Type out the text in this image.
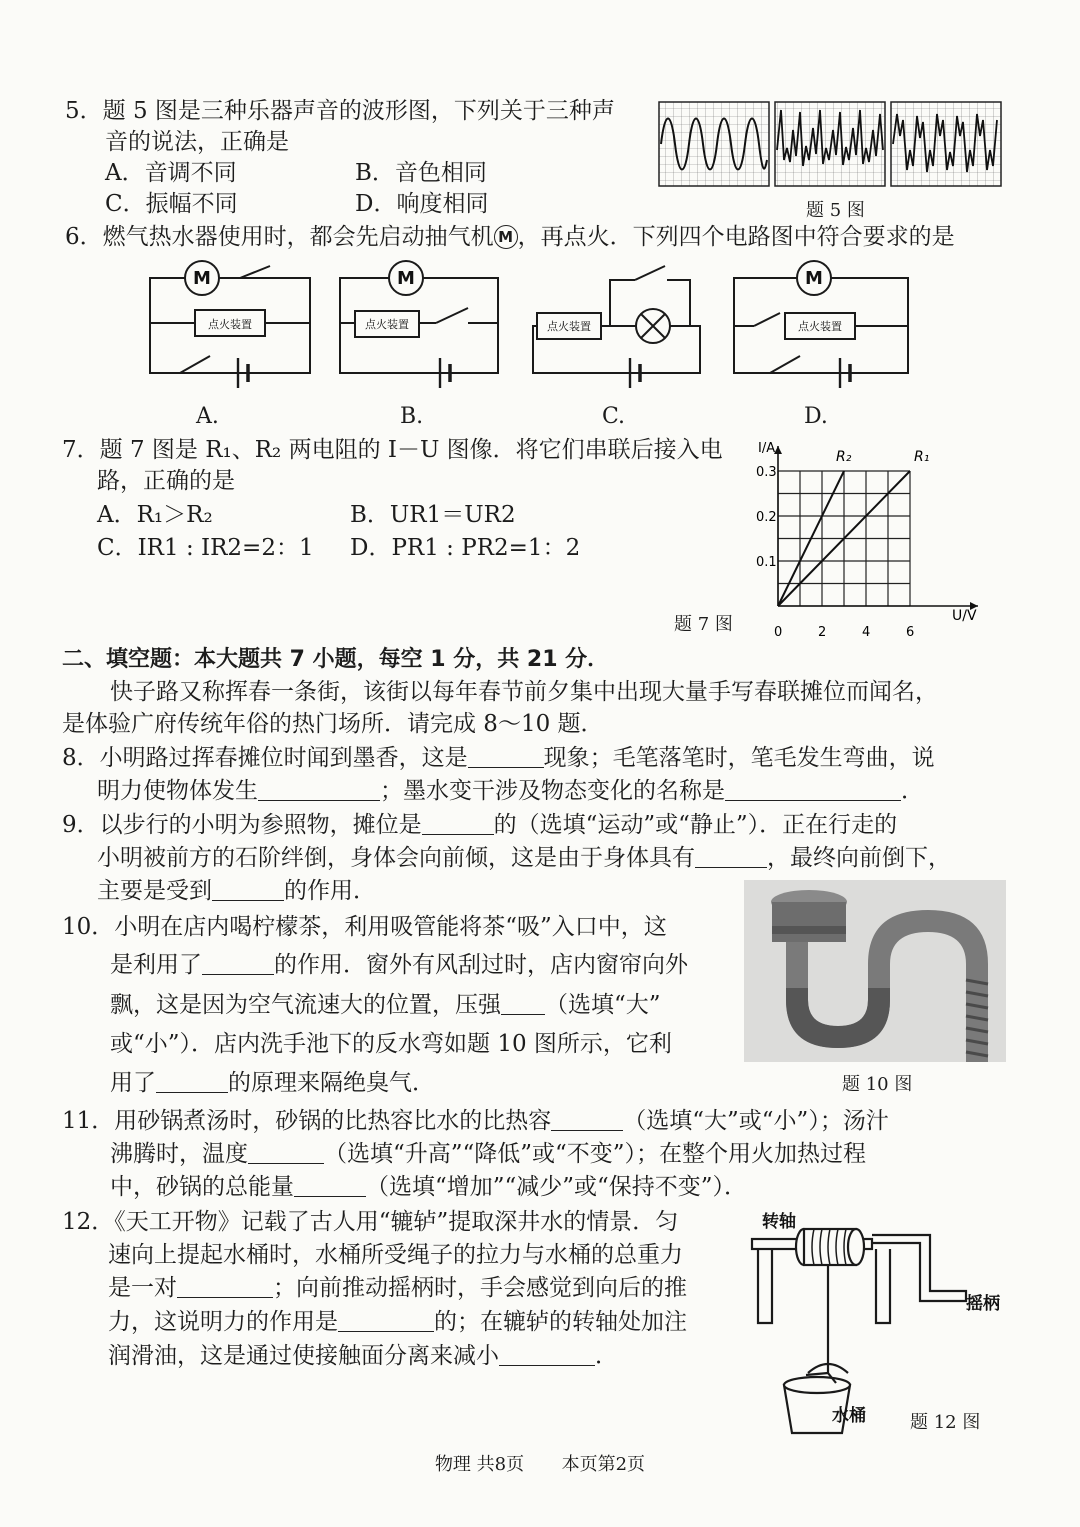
5．题 5 图是三种乐器声音的波形图，下列关于三种声
音的说法，正确是
A．音调不同	B．音色相同
C．振幅不同	D．响度相同	题 5 图
6．燃气热水器使用时，都会先启动抽气机 M ，再点火．下列四个电路图中符合要求的是
M	M	M
点火装置	点火装置	点火装置	点火装置
A.	B.	C.	D.
7．题 7 图是 R₁、R₂ 两电阻的 I－U 图像．将它们串联后接入电
路，正确的是
A．R₁＞R₂	B．UR1＝UR2
C．IR1 : IR2=2：1 D．PR1 : PR2=1：2
R₂	R₁
0	2	4	6
0.1
0.2
0.3
U/V
I/A
题 7 图
二、填空题：本大题共 7 小题，每空 1 分，共 21 分．
快子路又称挥春一条街，该街以每年春节前夕集中出现大量手写春联摊位而闻名，
是体验广府传统年俗的热门场所．请完成 8～10 题．
8．小明路过挥春摊位时闻到墨香，这是	现象；毛笔落笔时，笔毛发生弯曲，说
明力使物体发生	；墨水变干涉及物态变化的名称是	．
9．以步行的小明为参照物，摊位是	的（选填“运动”或“静止”）．正在行走的
小明被前方的石阶绊倒，身体会向前倾，这是由于身体具有	，最终向前倒下，
主要是受到	的作用．
10．小明在店内喝柠檬茶，利用吸管能将茶“吸”入口中，这
是利用了	的作用．窗外有风刮过时，店内窗帘向外
飘，这是因为空气流速大的位置，压强 （选填“大”
或“小”）．店内洗手池下的反水弯如题 10 图所示，它利
用了	的原理来隔绝臭气．	题 10 图
11．用砂锅煮汤时，砂锅的比热容比水的比热容	（选填“大”或“小”）；汤汁
沸腾时，温度	（选填“升高”“降低”或“不变”）；在整个用火加热过程
中，砂锅的总能量	（选填“增加”“减少”或“保持不变”）．
12．《天工开物》记载了古人用“辘轳”提取深井水的情景．匀
速向上提起水桶时，水桶所受绳子的拉力与水桶的总重力
是一对	；向前推动摇柄时，手会感觉到向后的推
力，这说明力的作用是	的；在辘轳的转轴处加注
润滑油，这是通过使接触面分离来减小	．
转轴
摇柄
水桶 题 12 图
物理 共8页 本页第2页
